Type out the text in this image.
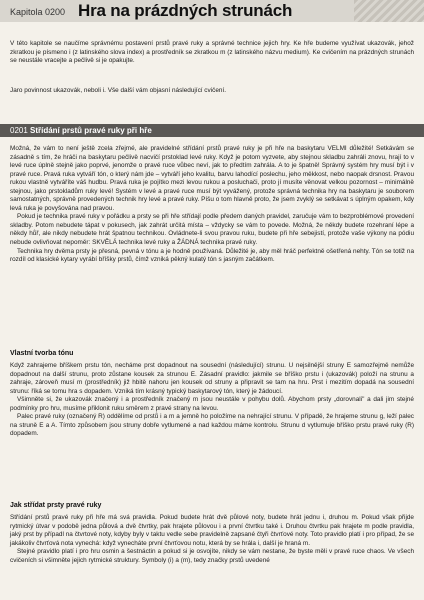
Kapitola 0200 Hra na prázdných strunách

V této kapitole se naučíme správnému postavení prstů pravé ruky a správné technice jejich hry. Ke hře budeme využívat ukazovák, jehož zkratkou je písmeno i (z latinského slova index) a prostředník se zkratkou m (z latinského názvu medium). Ke cvičením na prázdných strunách se neustále vracejte a pečlivě si je opakujte.

Jaro povinnost ukazovák, neboli i. Vše další vám objasní následující cvičení.

0201 Střídání prstů pravé ruky při hře

Možná, že vám to není ještě zcela zřejmé, ale pravidelné střídání prstů pravé ruky je při hře na baskytaru VELMI důležité! Setkávám se zásadně s tím, že hráči na baskytaru pečlivě nacvičí prstoklad levé ruky. Když je potom vyzvete, aby stejnou skladbu zahráli znovu, hrají to v levé ruce úplně stejně jako poprvé, jenomže o pravé ruce vůbec neví, jak to předtím zahrála. A to je špatně! Správný systém hry musí být i v pravé ruce. Pravá ruka vytváří tón, o který nám jde – vytváří jeho kvalitu, barvu lahodící poslechu, jeho měkkost, nebo naopak drsnost. Pravou rukou vlastně vytváříte váš hudbu. Pravá ruka je pojítko mezi levou rukou a posluchači, proto jí musíte věnovat velkou pozornost – minimálně stejnou, jako prstokladům ruky levé! Systém v levé a pravé ruce musí být vyvážený, protože správná technika hry na baskytaru je souborem samostatných, správně provedených technik hry levé a pravé ruky. Píšu o tom hlavně proto, že jsem zvyklý se setkávat s úplným opakem, kdy levá ruka je povyšována nad pravou.

Pokud je technika pravé ruky v pořádku a prsty se při hře střídají podle předem daných pravidel, zaručuje vám to bezproblémové provedení skladby. Potom nebudete tápat v pokusech, jak zahrát určitá místa – vždycky se vám to povede. Možná, že někdy budete rozehraní lépe a někdy hůř, ale nikdy nebudete hrát špatnou technikou. Ovládnete-li svou pravou ruku, budete při hře sebejistí, protože vaše výkony na pódiu nebude ovlivňovat nepoměr: SKVĚLÁ technika levé ruky a ŽÁDNÁ technika pravé ruky.

Technika hry dvěma prsty je přesná, pevná v tónu a je hodně používaná. Důležité je, aby měl hráč perfektně ošetřená nehty. Tón se totiž na rozdíl od klasické kytary vyrábí bříšky prstů, čímž vzniká pěkný kulatý tón s jasným začátkem.

Vlastní tvorba tónu

Když zahrajeme bříškem prstu tón, necháme prst dopadnout na sousední (následující) strunu. U nejsilnější struny E samozřejmě nemůže dopadnout na další strunu, proto zůstane kousek za strunou E. Zásadní pravidlo: jakmile se bříško prstu i (ukazovák) položí na strunu a zahraje, zároveň musí m (prostředník) již hbitě nahoru jen kousek od struny a připravit se tam na hru. Prst i mezitím dopadá na sousední strunu: říká se tomu hra s dopadem. Vzniká tím krásný typický baskytarový tón, který je žádoucí.

Všimněte si, že ukazovák značený i a prostředník značený m jsou neustále v pohybu dolů. Abychom prsty „dorovnali" a dali jim stejné podmínky pro hru, musíme přiklonit ruku směrem z pravé strany na levou.

Palec pravé ruky (označený R) oddělíme od prstů i a m a jemně ho položíme na nehrající strunu. V případě, že hrajeme strunu g, leží palec na struně E a A. Tímto způsobem jsou struny dobře vytlumené a nad každou máme kontrolu. Strunu d vytlumuje bříško prstu pravé ruky (R) dopadem.

Jak střídat prsty pravé ruky

Střídání prstů pravé ruky při hře má svá pravidla. Pokud budete hrát dvě půlové noty, budete hrát jednu i, druhou m. Pokud však přijde rytmický útvar v podobě jedna půlová a dvě čtvrtky, pak hrajete půlovou i a první čtvrtku také i. Druhou čtvrtku pak hrajete m podle pravidla, jaký prst by případl na čtvrtové noty, kdyby byly v taktu vedle sebe pravidelně zapsané čtyři čtvrťové noty. Toto pravidlo platí i pro případ, že se jakákoliv čtvrťová nota vynechá: když vynecháte první čtvrťovou notu, která by se hrála i, další je hraná m.

Stejné pravidlo platí i pro hru osmin a šestnáctin a pokud si je osvojíte, nikdy se vám nestane, že byste měli v pravé ruce chaos. Ve všech cvičeních si všimněte jejich rytmické struktury. Symboly (i) a (m), tedy značky prstů uvedené
